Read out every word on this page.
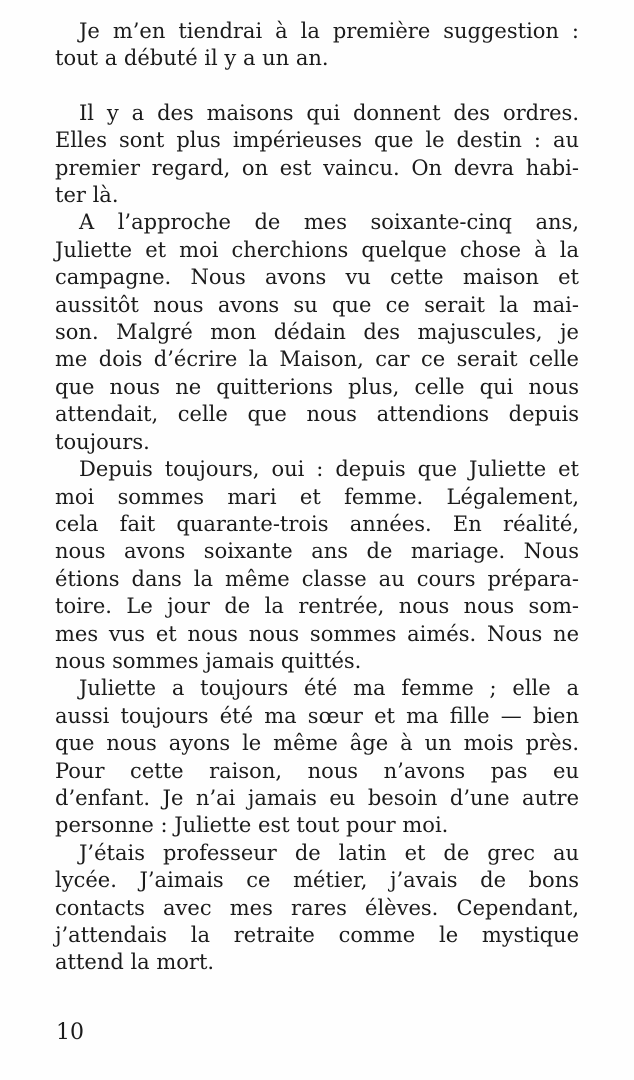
Je m’en tiendrai à la première suggestion :
tout a débuté il y a un an.

Il y a des maisons qui donnent des ordres.
Elles sont plus impérieuses que le destin : au
premier regard, on est vaincu. On devra habi-
ter là.

A l’approche de mes soixante-cinq ans,
Juliette et moi cherchions quelque chose à la
campagne. Nous avons vu cette maison et
aussitôt nous avons su que ce serait la mai-
son. Malgré mon dédain des majuscules, je
me dois d’écrire la Maison, car ce serait celle
que nous ne quitterions plus, celle qui nous
attendait, celle que nous attendions depuis
toujours.

Depuis toujours, oui : depuis que Juliette et
moi sommes mari et femme. Légalement,
cela fait quarante-trois années. En réalité,
nous avons soixante ans de mariage. Nous
étions dans la même classe au cours prépara-
toire. Le jour de la rentrée, nous nous som-
mes vus et nous nous sommes aimés. Nous ne
nous sommes jamais quittés.

Juliette a toujours été ma femme ; elle a
aussi toujours été ma sœur et ma fille — bien
que nous ayons le même âge à un mois près.
Pour cette raison, nous n’avons pas eu
d’enfant. Je n’ai jamais eu besoin d’une autre
personne : Juliette est tout pour moi.

J’étais professeur de latin et de grec au
lycée. J’aimais ce métier, j’avais de bons
contacts avec mes rares élèves. Cependant,
j’attendais la retraite comme le mystique
attend la mort.

10
